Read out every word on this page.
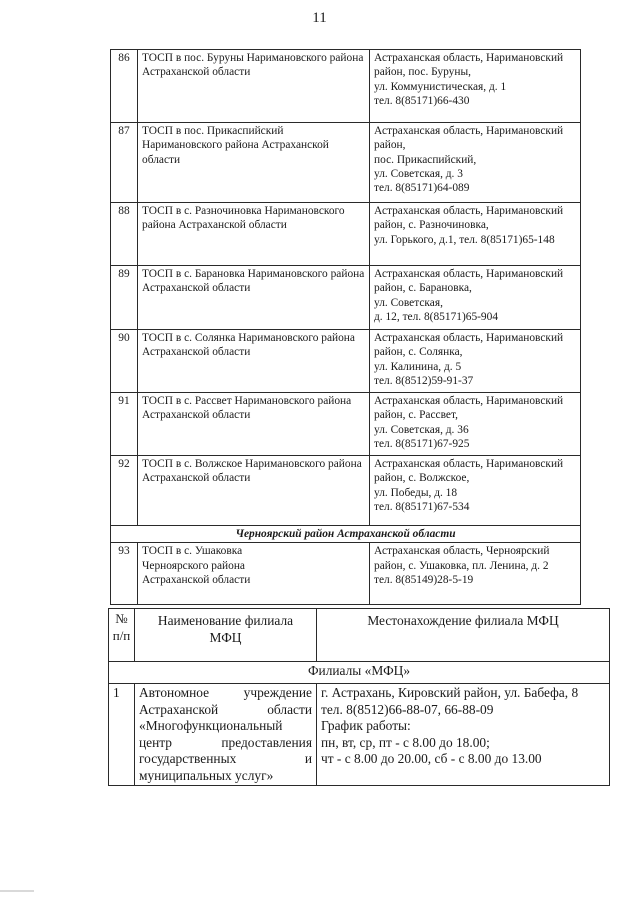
11
86	ТОСП в пос. Буруны Наримановского района Астраханской области	Астраханская область, Наримановский район, пос. Буруны,
ул. Коммунистическая, д. 1
тел. 8(85171)66-430
87	ТОСП в пос. Прикаспийский Наримановского района Астраханской области	Астраханская область, Наримановский район,
пос. Прикаспийский,
ул. Советская, д. 3
тел. 8(85171)64-089
88	ТОСП в с. Разночиновка Наримановского района Астраханской области	Астраханская область, Наримановский район, с. Разночиновка,
ул. Горького, д.1, тел. 8(85171)65-148
89	ТОСП в с. Барановка Наримановского района Астраханской области	Астраханская область, Наримановский район, с. Барановка,
ул. Советская,
д. 12, тел. 8(85171)65-904
90	ТОСП в с. Солянка Наримановского района Астраханской области	Астраханская область, Наримановский район, с. Солянка,
ул. Калинина, д. 5
тел. 8(8512)59-91-37
91	ТОСП в с. Рассвет Наримановского района Астраханской области	Астраханская область, Наримановский район, с. Рассвет,
ул. Советская, д. 36
тел. 8(85171)67-925
92	ТОСП в с. Волжское Наримановского района Астраханской области	Астраханская область, Наримановский район, с. Волжское,
ул. Победы, д. 18
тел. 8(85171)67-534
Черноярский район Астраханской области		
93	ТОСП в с. Ушаковка
Черноярского района
Астраханской области	Астраханская область, Черноярский район, с. Ушаковка, пл. Ленина, д. 2
тел. 8(85149)28-5-19
№ п/п	Наименование филиала МФЦ	Местонахождение филиала МФЦ
Филиалы «МФЦ»		
1	Автономное учреждение Астраханской области «Многофункциональный центр предоставления государственных и муниципальных услуг»	г. Астрахань, Кировский район, ул. Бабефа, 8
тел. 8(8512)66-88-07, 66-88-09
График работы:
пн, вт, ср, пт - с 8.00 до 18.00;
чт - с 8.00 до 20.00, сб - с 8.00 до 13.00
